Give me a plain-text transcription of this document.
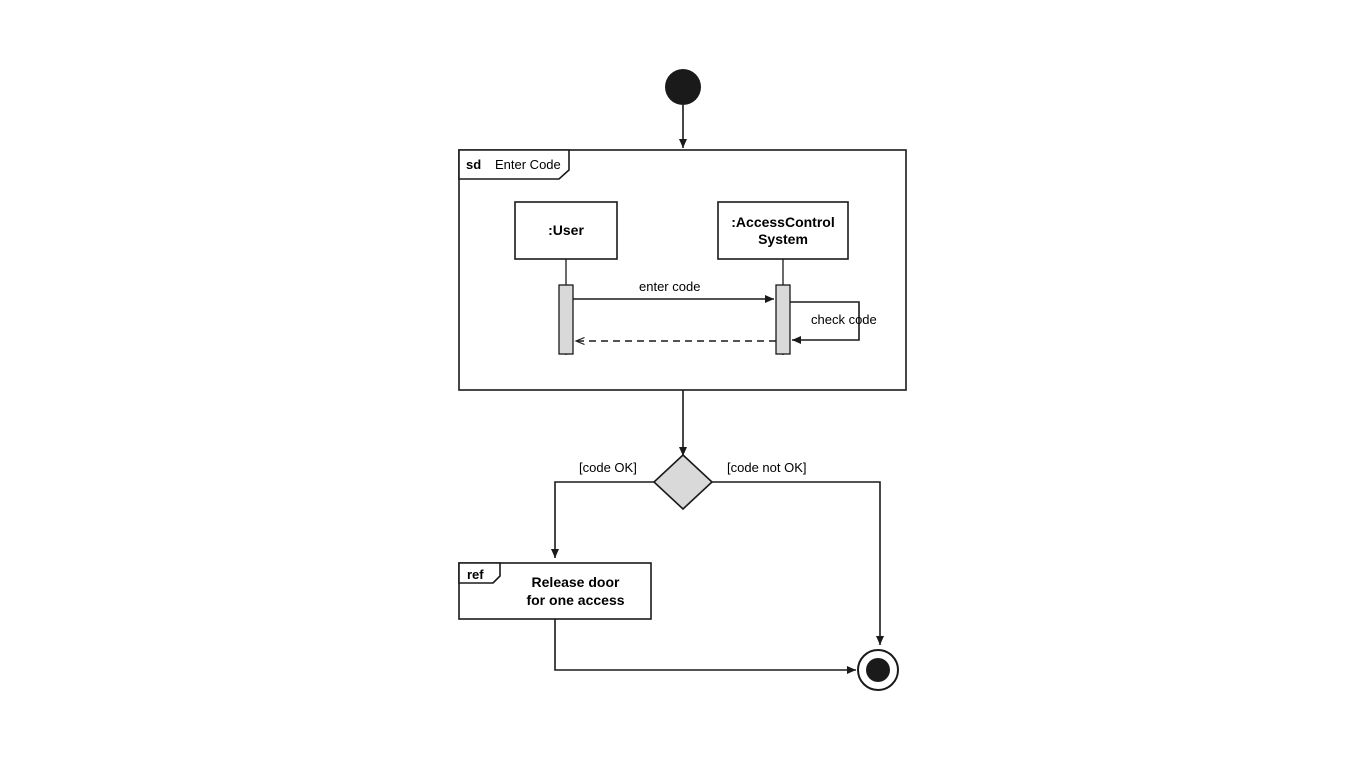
sd Enter Code
:User
:AccessControl
System
enter code
check code
[code OK]	[code not OK]
ref	Release door
for one access
